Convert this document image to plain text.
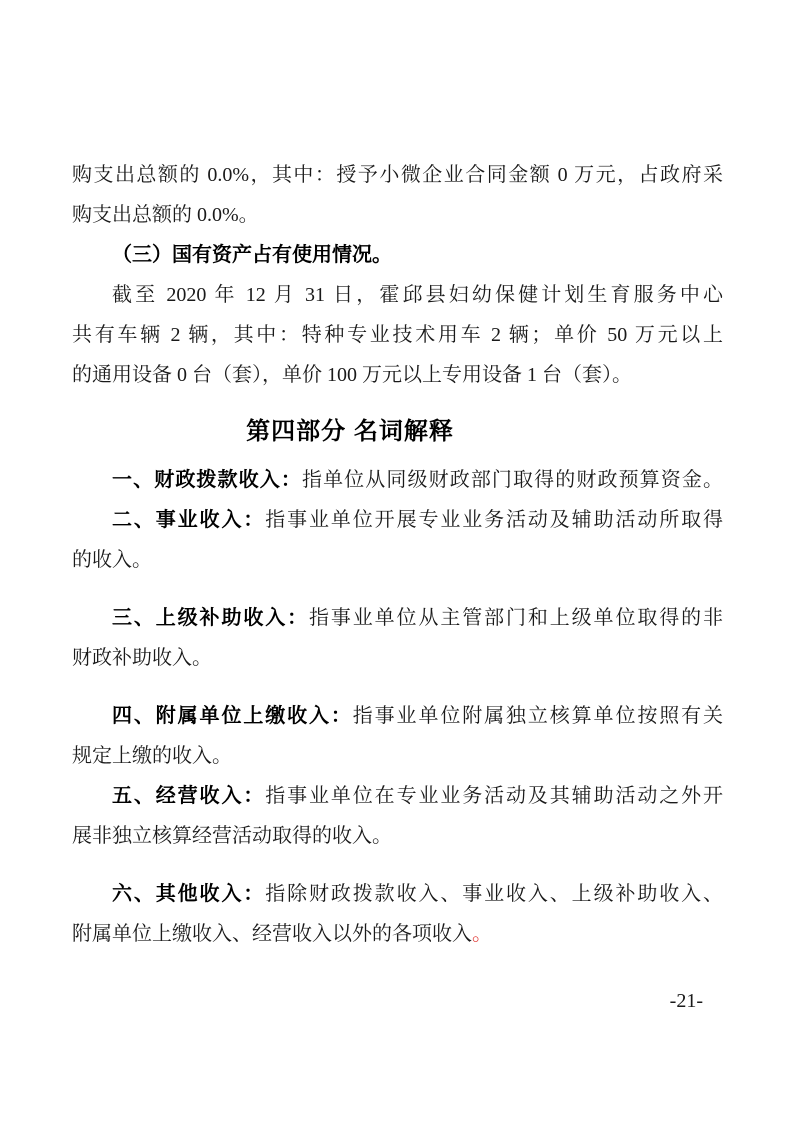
购支出总额的 0.0%，其中：授予小微企业合同金额 0 万元，占政府采
购支出总额的 0.0%。
（三）国有资产占有使用情况。
截至 2020 年 12 月 31 日，霍邱县妇幼保健计划生育服务中心
共有车辆 2 辆，其中：特种专业技术用车 2 辆；单价 50 万元以上
的通用设备 0 台（套），单价 100 万元以上专用设备 1 台（套）。
第四部分 名词解释
一、财政拨款收入：指单位从同级财政部门取得的财政预算资金。
二、事业收入：指事业单位开展专业业务活动及辅助活动所取得
的收入。
三、上级补助收入：指事业单位从主管部门和上级单位取得的非
财政补助收入。
四、附属单位上缴收入：指事业单位附属独立核算单位按照有关
规定上缴的收入。
五、经营收入：指事业单位在专业业务活动及其辅助活动之外开
展非独立核算经营活动取得的收入。
六、其他收入：指除财政拨款收入、事业收入、上级补助收入、
附属单位上缴收入、经营收入以外的各项收入。
-21-
